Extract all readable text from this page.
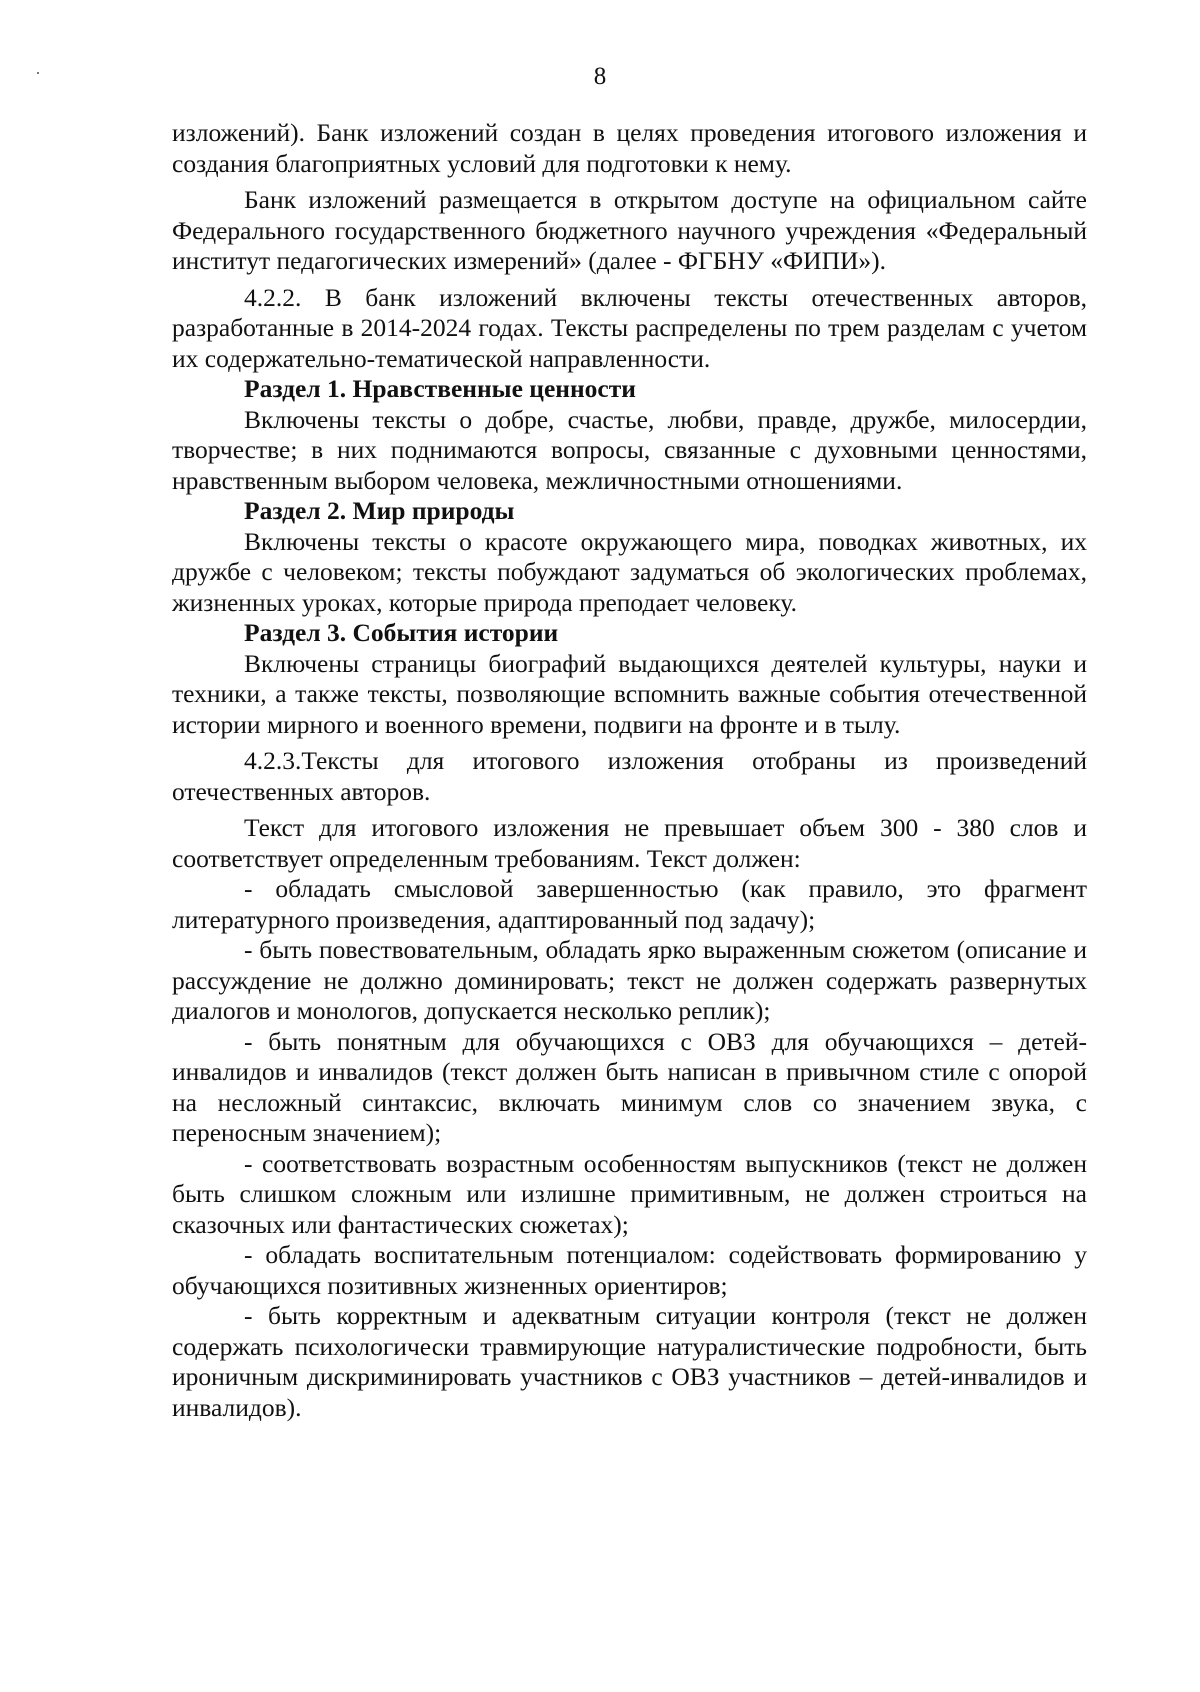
8

изложений). Банк изложений создан в целях проведения итогового изложения и создания благоприятных условий для подготовки к нему.

Банк изложений размещается в открытом доступе на официальном сайте Федерального государственного бюджетного научного учреждения «Федеральный институт педагогических измерений» (далее - ФГБНУ «ФИПИ»).

4.2.2. В банк изложений включены тексты отечественных авторов, разработанные в 2014-2024 годах. Тексты распределены по трем разделам с учетом их содержательно-тематической направленности.

Раздел 1. Нравственные ценности

Включены тексты о добре, счастье, любви, правде, дружбе, милосердии, творчестве; в них поднимаются вопросы, связанные с духовными ценностями, нравственным выбором человека, межличностными отношениями.

Раздел 2. Мир природы

Включены тексты о красоте окружающего мира, поводках животных, их дружбе с человеком; тексты побуждают задуматься об экологических проблемах, жизненных уроках, которые природа преподает человеку.

Раздел 3. События истории

Включены страницы биографий выдающихся деятелей культуры, науки и техники, а также тексты, позволяющие вспомнить важные события отечественной истории мирного и военного времени, подвиги на фронте и в тылу.

4.2.3.Тексты для итогового изложения отобраны из произведений отечественных авторов.

Текст для итогового изложения не превышает объем 300 - 380 слов и соответствует определенным требованиям. Текст должен:

- обладать смысловой завершенностью (как правило, это фрагмент литературного произведения, адаптированный под задачу);

- быть повествовательным, обладать ярко выраженным сюжетом (описание и рассуждение не должно доминировать; текст не должен содержать развернутых диалогов и монологов, допускается несколько реплик);

- быть понятным для обучающихся с ОВЗ для обучающихся – детей-инвалидов и инвалидов (текст должен быть написан в привычном стиле с опорой на несложный синтаксис, включать минимум слов со значением звука, с переносным значением);

- соответствовать возрастным особенностям выпускников (текст не должен быть слишком сложным или излишне примитивным, не должен строиться на сказочных или фантастических сюжетах);

- обладать воспитательным потенциалом: содействовать формированию у обучающихся позитивных жизненных ориентиров;

- быть корректным и адекватным ситуации контроля (текст не должен содержать психологически травмирующие натуралистические подробности, быть ироничным дискриминировать участников с ОВЗ участников – детей-инвалидов и инвалидов).
